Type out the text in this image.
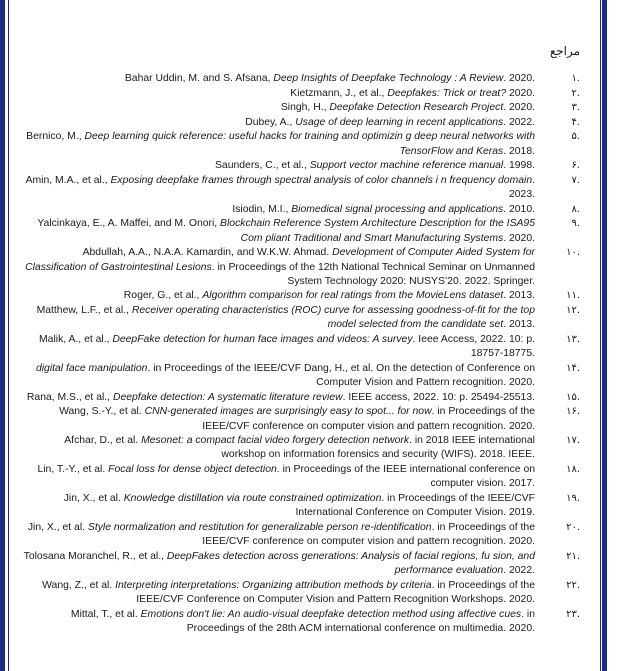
مراجع
۱.
Bahar Uddin, M. and S. Afsana, Deep Insights of Deepfake Technology : A Review. 2020.
۲.
Kietzmann, J., et al., Deepfakes: Trick or treat? 2020.
۳.
Singh, H., Deepfake Detection Research Project. 2020.
۴.
Dubey, A., Usage of deep learning in recent applications. 2022.
۵.
Bernico, M., Deep learning quick reference: useful hacks for training and optimizin g deep neural networks with TensorFlow and Keras. 2018.
۶.
Saunders, C., et al., Support vector machine reference manual. 1998.
۷.
Amin, M.A., et al., Exposing deepfake frames through spectral analysis of color channels i n frequency domain. 2023.
۸.
Isiodin, M.I., Biomedical signal processing and applications. 2010.
۹.
Yalcinkaya, E., A. Maffei, and M. Onori, Blockchain Reference System Architecture Description for the ISA95 Com pliant Traditional and Smart Manufacturing Systems. 2020.
۱۰.
Abdullah, A.A., N.A.A. Kamardin, and W.K.W. Ahmad. Development of Computer Aided System for Classification of Gastrointestinal Lesions. in Proceedings of the 12th National Technical Seminar on Unmanned System Technology 2020: NUSYS’20. 2022. Springer.
۱۱.
Roger, G., et al., Algorithm comparison for real ratings from the MovieLens dataset. 2013.
۱۲.
Matthew, L.F., et al., Receiver operating characteristics (ROC) curve for assessing goodness-of-fit for the top model selected from the candidate set. 2013.
۱۳.
Malik, A., et al., DeepFake detection for human face images and videos: A survey. Ieee Access, 2022. 10: p. 18757-18775.
۱۴.
digital face manipulation. in Proceedings of the IEEE/CVF Dang, H., et al. On the detection of Conference on Computer Vision and Pattern recognition. 2020.
۱۵.
Rana, M.S., et al., Deepfake detection: A systematic literature review. IEEE access, 2022. 10: p. 25494-25513.
۱۶.
Wang, S.-Y., et al. CNN-generated images are surprisingly easy to spot... for now. in Proceedings of the IEEE/CVF conference on computer vision and pattern recognition. 2020.
۱۷.
Afchar, D., et al. Mesonet: a compact facial video forgery detection network. in 2018 IEEE international workshop on information forensics and security (WIFS). 2018. IEEE.
۱۸.
Lin, T.-Y., et al. Focal loss for dense object detection. in Proceedings of the IEEE international conference on computer vision. 2017.
۱۹.
Jin, X., et al. Knowledge distillation via route constrained optimization. in Proceedings of the IEEE/CVF International Conference on Computer Vision. 2019.
۲۰.
Jin, X., et al. Style normalization and restitution for generalizable person re-identification. in Proceedings of the IEEE/CVF conference on computer vision and pattern recognition. 2020.
۲۱.
Tolosana Moranchel, R., et al., DeepFakes detection across generations: Analysis of facial regions, fu sion, and performance evaluation. 2022.
۲۲.
Wang, Z., et al. Interpreting interpretations: Organizing attribution methods by criteria. in Proceedings of the IEEE/CVF Conference on Computer Vision and Pattern Recognition Workshops. 2020.
۲۳.
Mittal, T., et al. Emotions don't lie: An audio-visual deepfake detection method using affective cues. in Proceedings of the 28th ACM international conference on multimedia. 2020.
